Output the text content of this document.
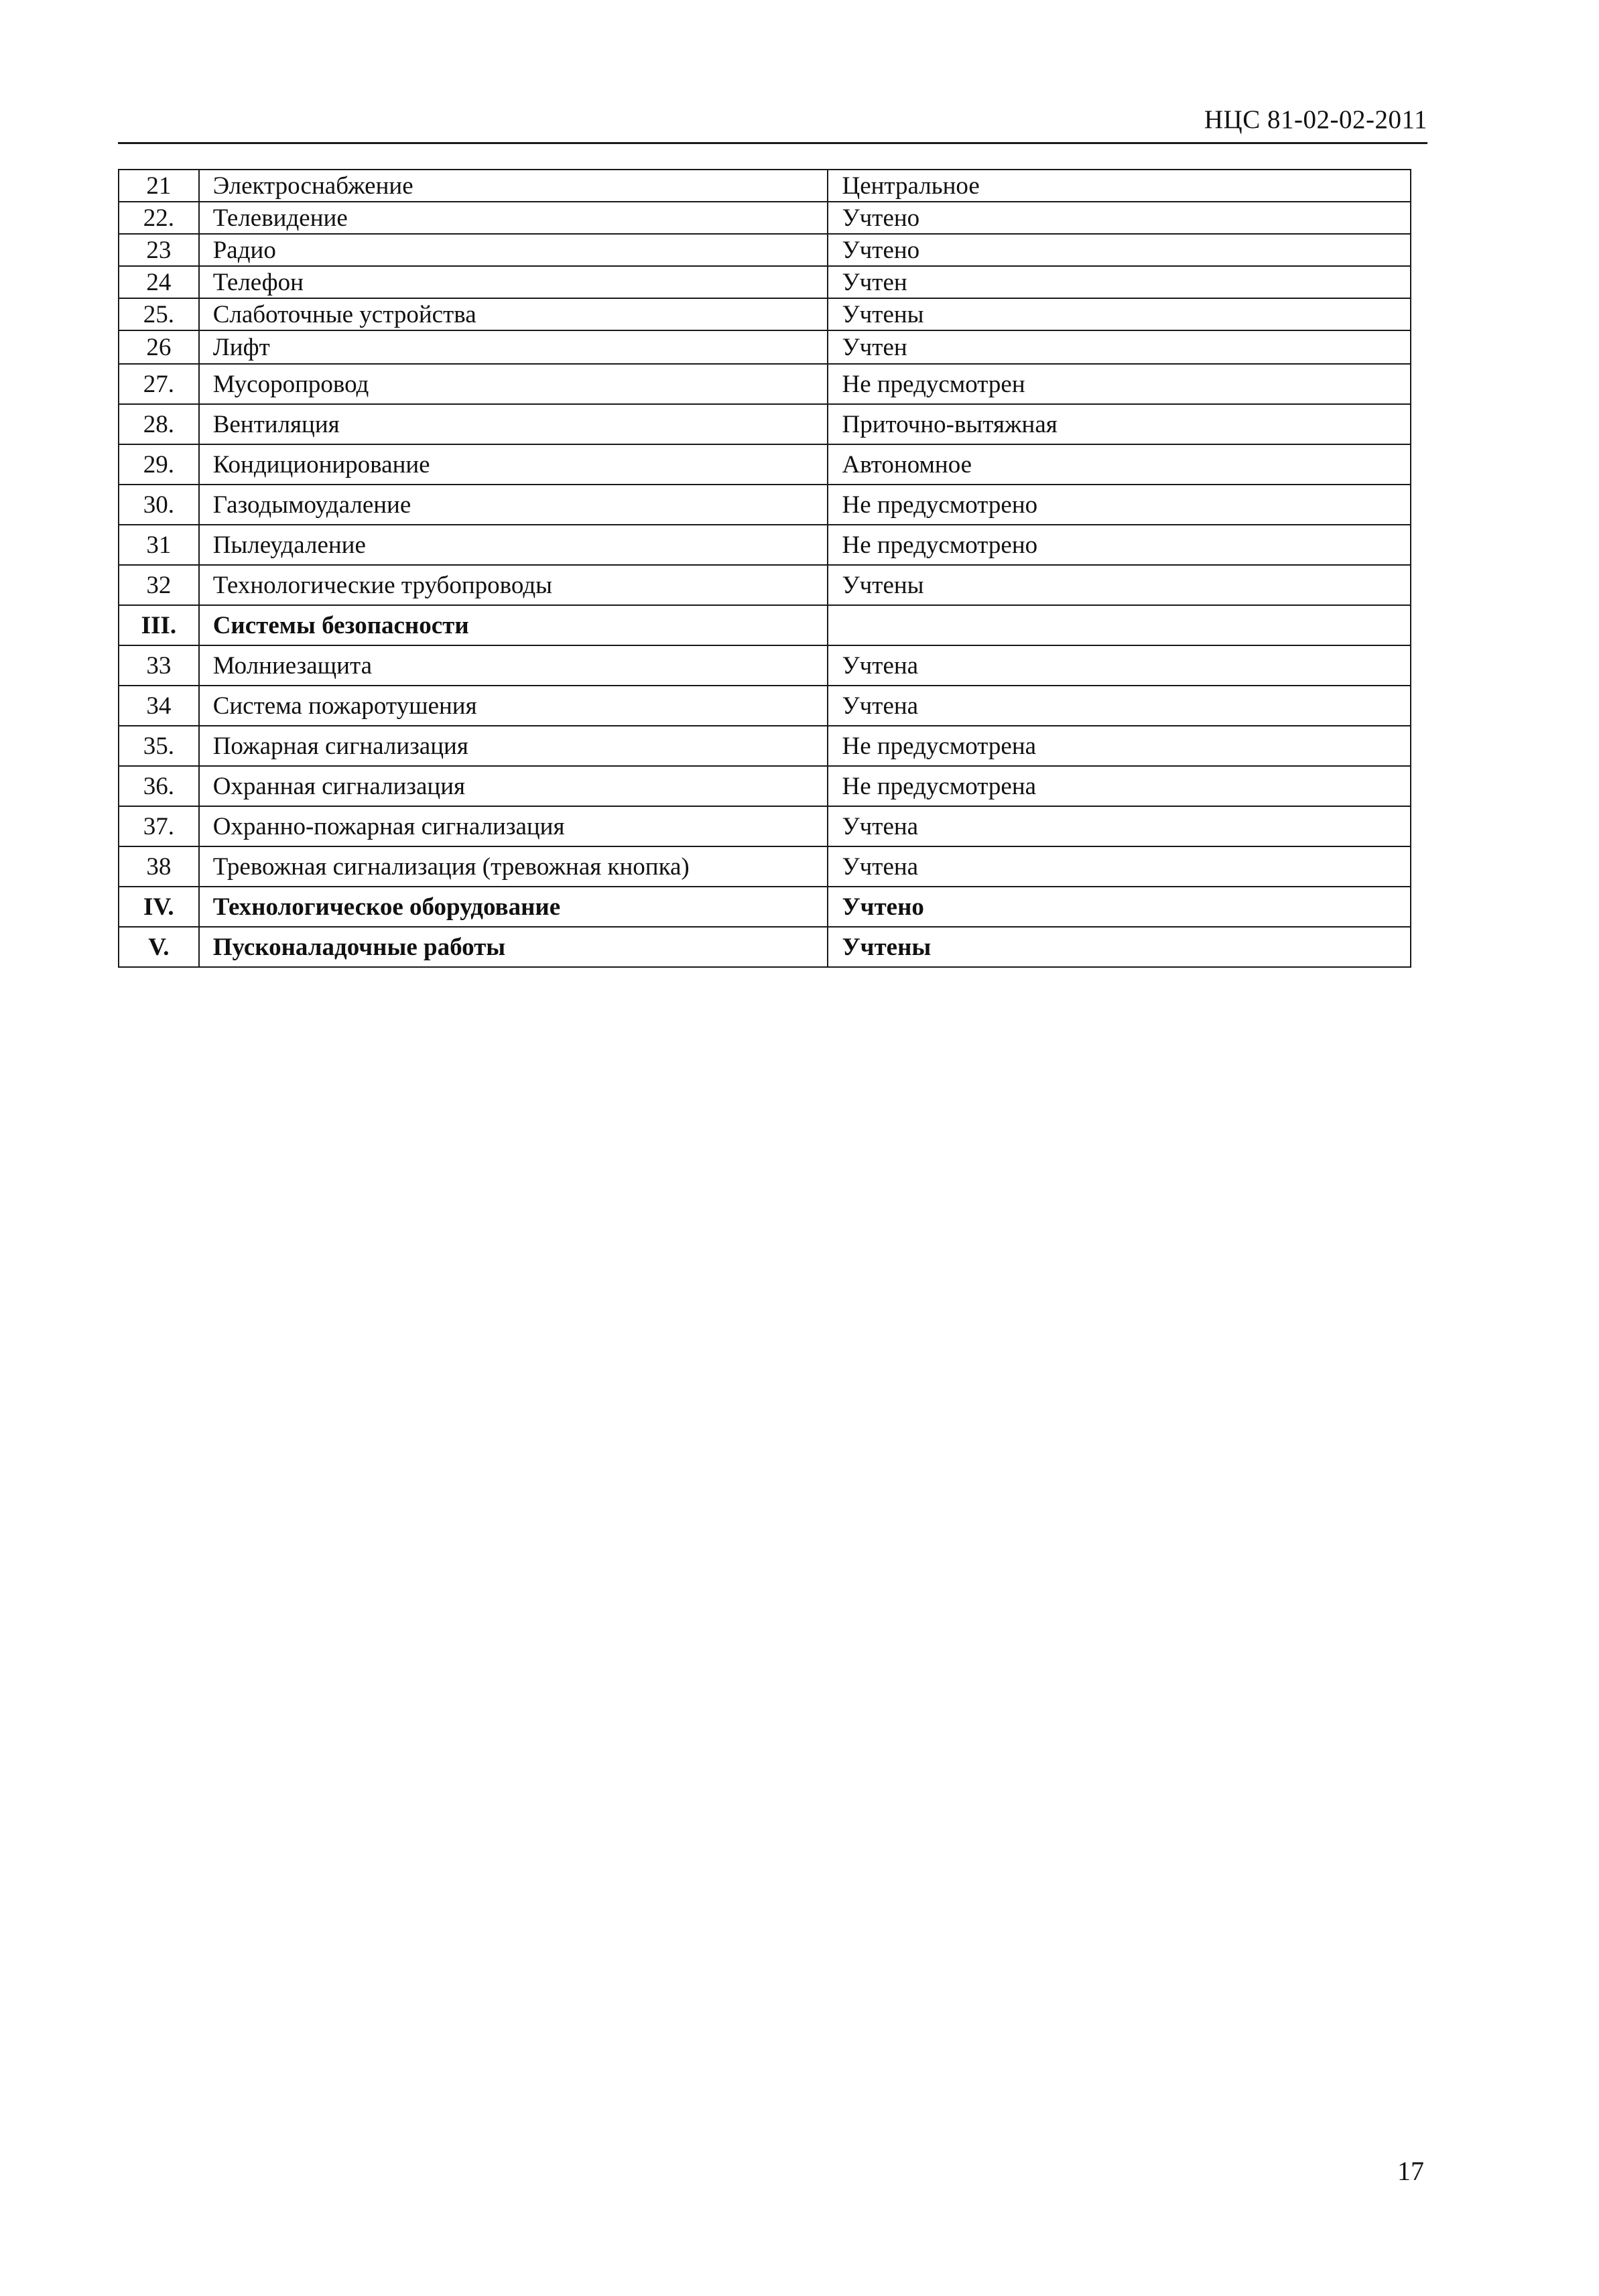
НЦС 81-02-02-2011
21	Электроснабжение	Центральное
22.	Телевидение	Учтено
23	Радио	Учтено
24	Телефон	Учтен
25.	Слаботочные устройства	Учтены
26	Лифт	Учтен
27.	Мусоропровод	Не предусмотрен
28.	Вентиляция	Приточно-вытяжная
29.	Кондиционирование	Автономное
30.	Газодымоудаление	Не предусмотрено
31	Пылеудаление	Не предусмотрено
32	Технологические трубопроводы	Учтены
III.	Системы безопасности	
33	Молниезащита	Учтена
34	Система пожаротушения	Учтена
35.	Пожарная сигнализация	Не предусмотрена
36.	Охранная сигнализация	Не предусмотрена
37.	Охранно-пожарная сигнализация	Учтена
38	Тревожная сигнализация (тревожная кнопка)	Учтена
IV.	Технологическое оборудование	Учтено
V.	Пусконаладочные работы	Учтены
17
